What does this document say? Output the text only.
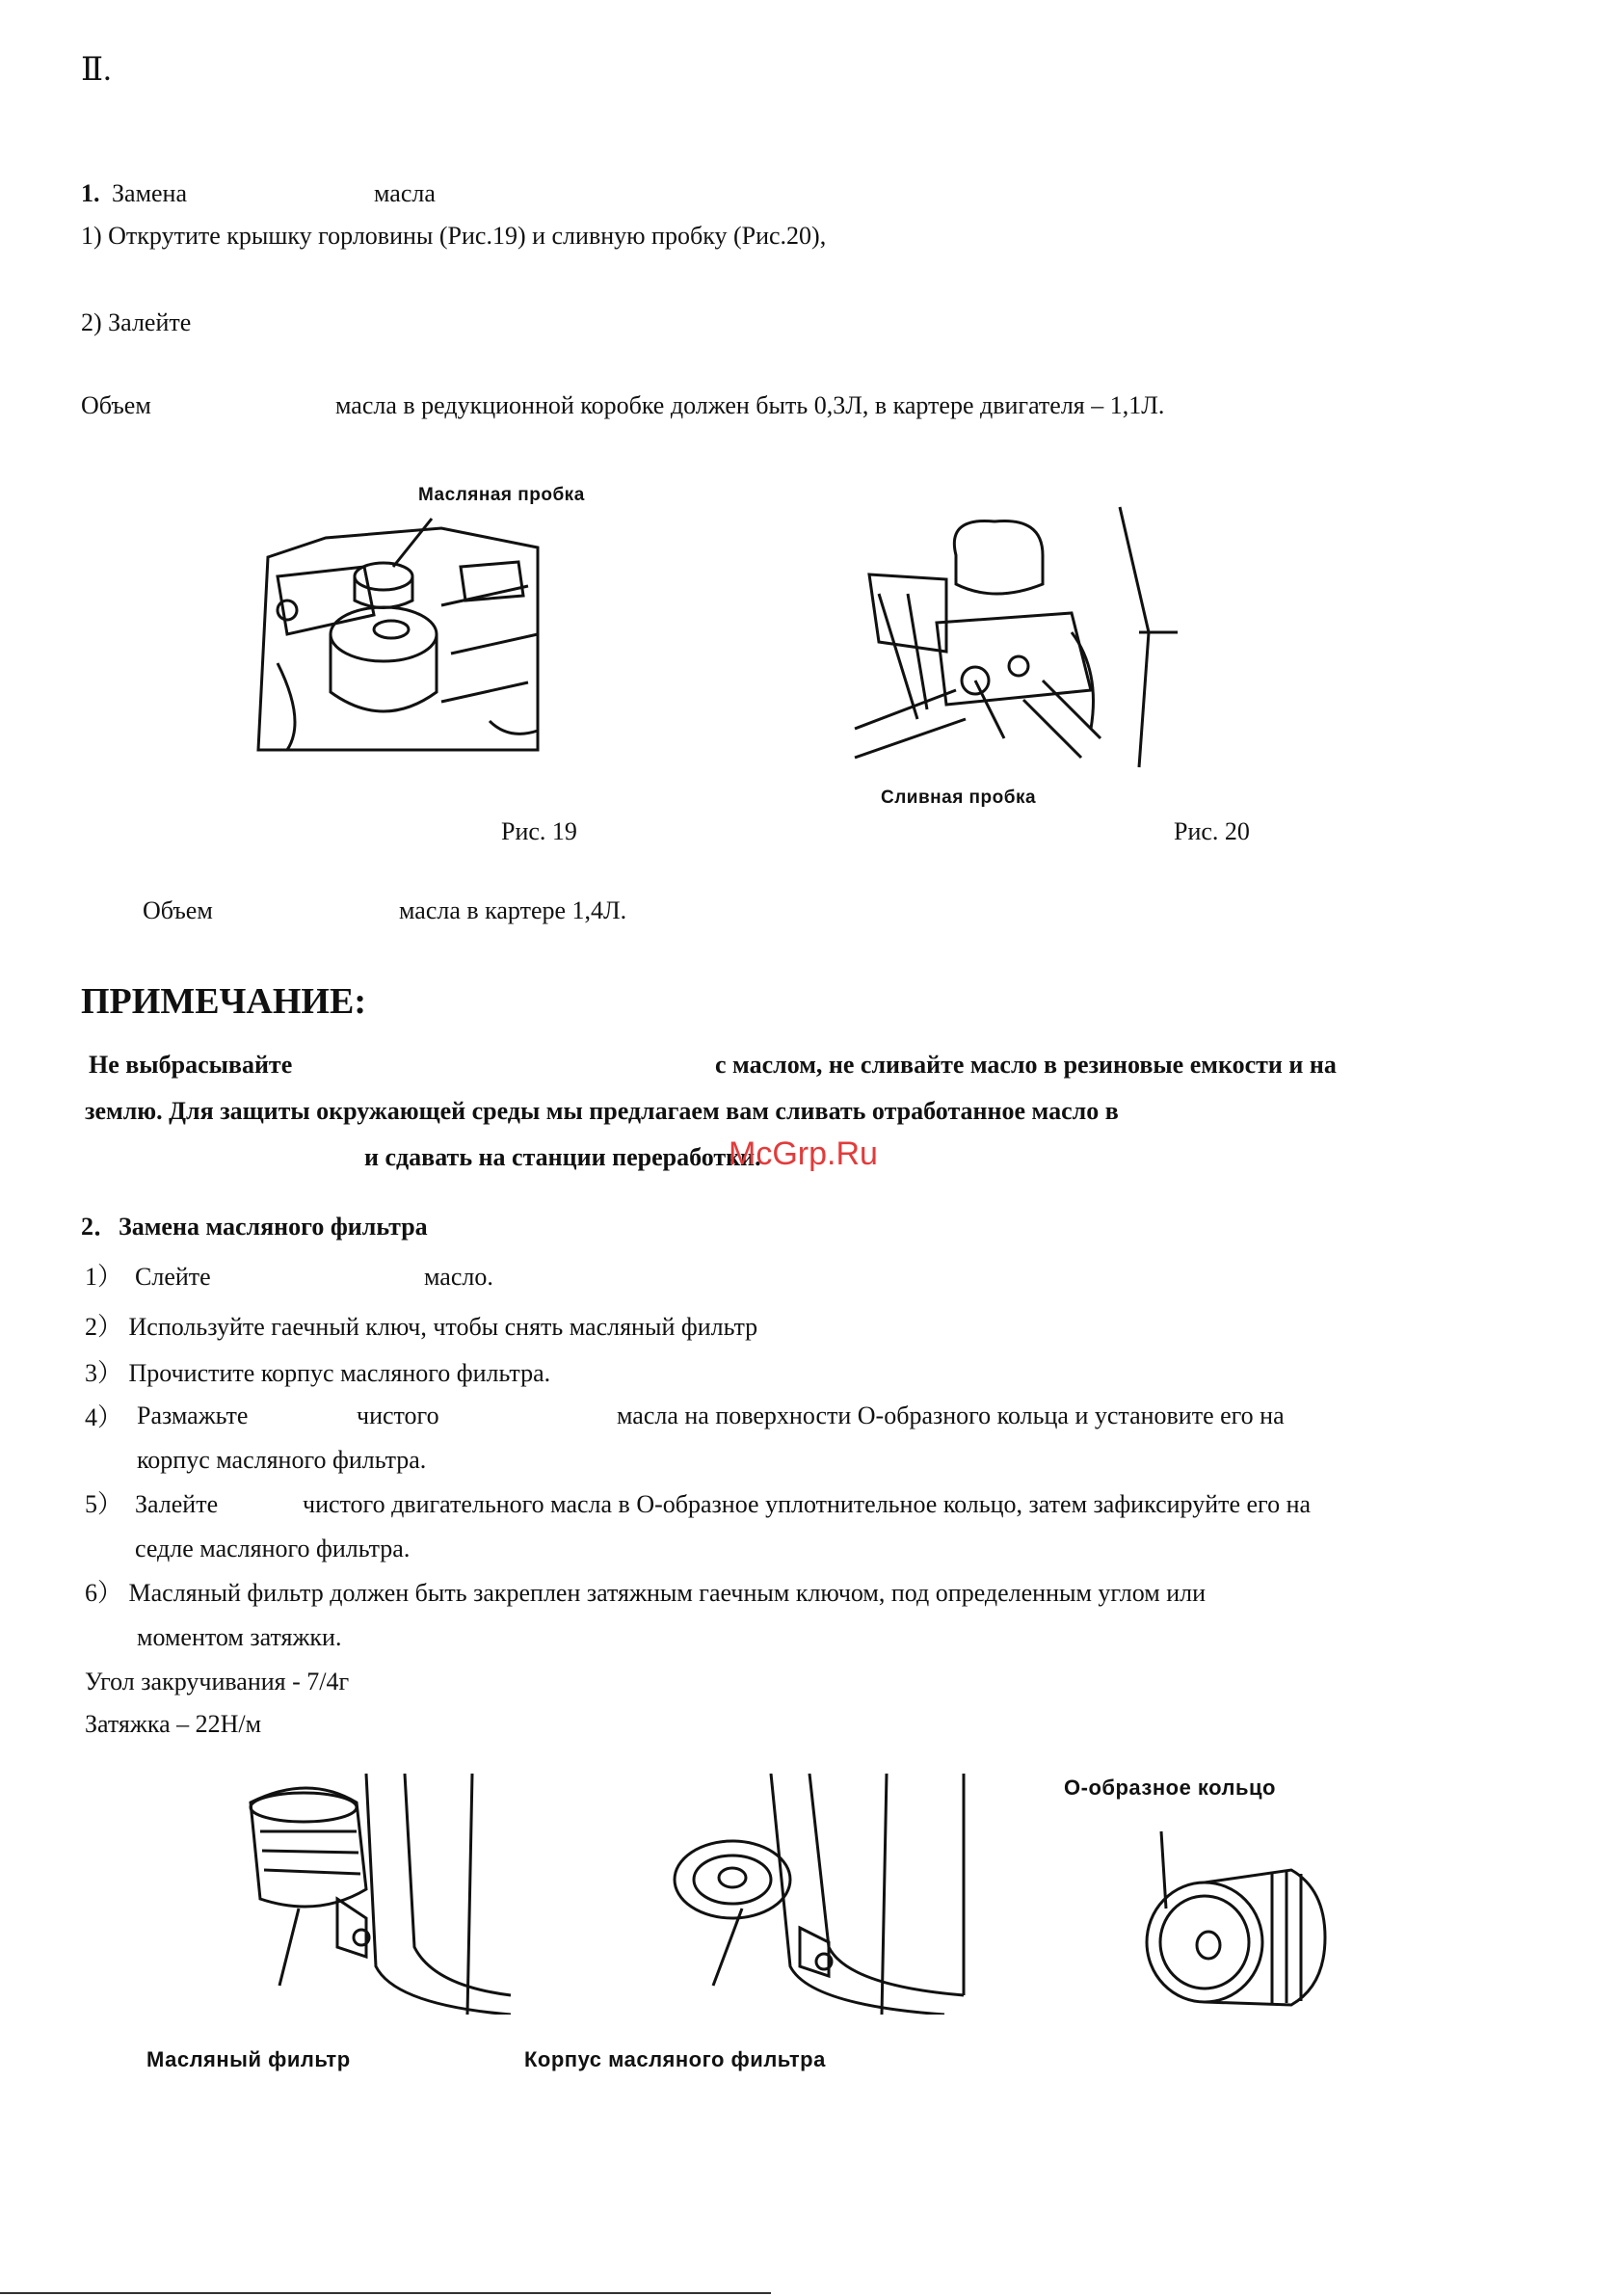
Ⅱ.
1. Замена	масла
1) Открутите крышку горловины (Рис.19) и сливную пробку (Рис.20),
2) Залейте
Объем	масла в редукционной коробке должен быть 0,3Л, в картере двигателя – 1,1Л.
Масляная пробка
Рис. 19
Сливная пробка
Рис. 20
Объем	масла в картере 1,4Л.
ПРИМЕЧАНИЕ:
Не выбрасывайте	с маслом, не сливайте масло в резиновые емкости и на
землю. Для защиты окружающей среды мы предлагаем вам сливать отработанное масло в
и сдавать на станции переработки.
McGrp.Ru
2．Замена масляного фильтра
1） Слейте	масло.
2） Используйте гаечный ключ, чтобы снять масляный фильтр
3） Прочистите корпус масляного фильтра.
4） Размажьте	чистого	масла на поверхности О-образного кольца и установите его на
корпус масляного фильтра.
5） Залейте	чистого двигательного масла в О-образное уплотнительное кольцо, затем зафиксируйте его на
седле масляного фильтра.
6） Масляный фильтр должен быть закреплен затяжным гаечным ключом, под определенным углом или
моментом затяжки.
Угол закручивания - 7/4г
Затяжка – 22Н/м
Масляный фильтр	Корпус масляного фильтра
О-образное кольцо
